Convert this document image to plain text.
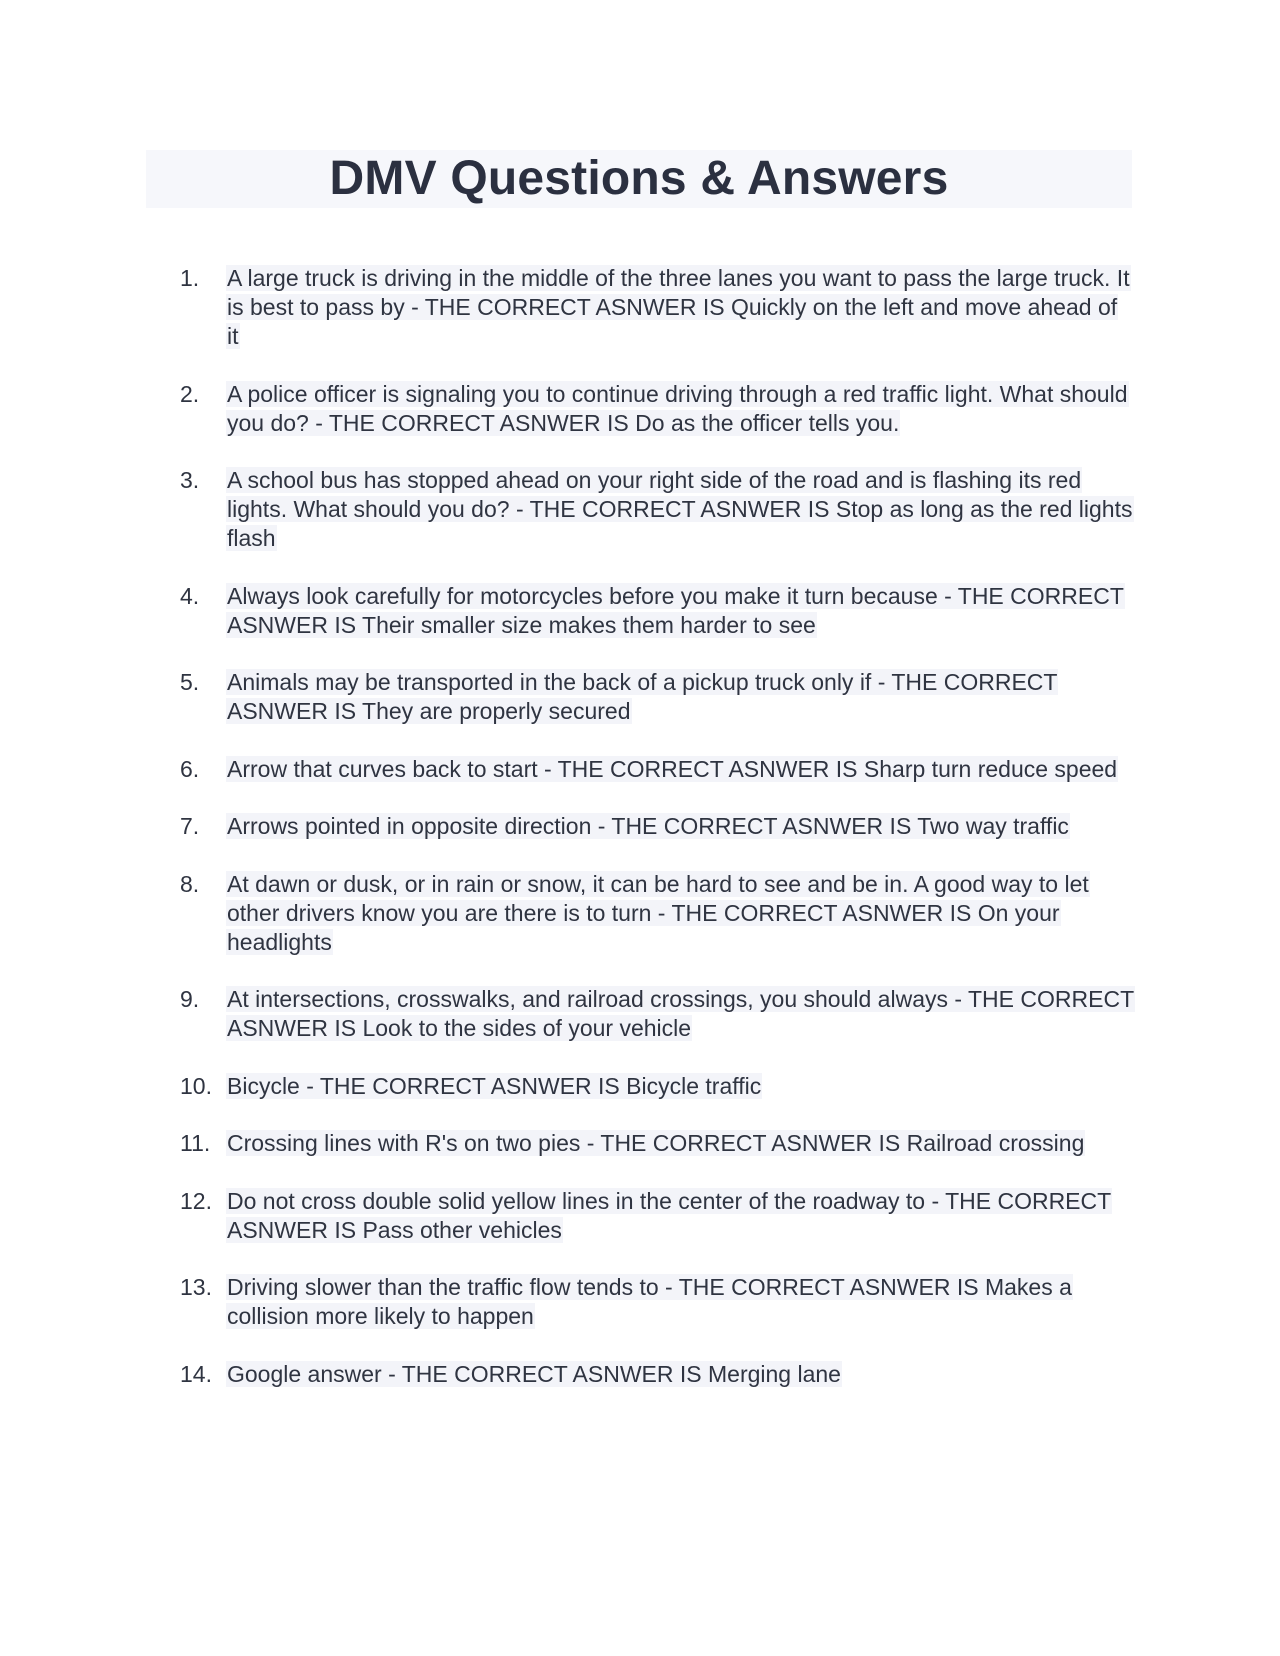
DMV Questions & Answers
1.	A large truck is driving in the middle of the three lanes you want to pass the large truck. It is best to pass by - THE CORRECT ASNWER IS Quickly on the left and move ahead of it
2.	A police officer is signaling you to continue driving through a red traffic light. What should you do? - THE CORRECT ASNWER IS Do as the officer tells you.
3.	A school bus has stopped ahead on your right side of the road and is flashing its red lights. What should you do? - THE CORRECT ASNWER IS Stop as long as the red lights flash
4.	Always look carefully for motorcycles before you make it turn because - THE CORRECT ASNWER IS Their smaller size makes them harder to see
5.	Animals may be transported in the back of a pickup truck only if - THE CORRECT ASNWER IS They are properly secured
6.	Arrow that curves back to start - THE CORRECT ASNWER IS Sharp turn reduce speed
7.	Arrows pointed in opposite direction - THE CORRECT ASNWER IS Two way traffic
8.	At dawn or dusk, or in rain or snow, it can be hard to see and be in. A good way to let other drivers know you are there is to turn - THE CORRECT ASNWER IS On your headlights
9.	At intersections, crosswalks, and railroad crossings, you should always - THE CORRECT ASNWER IS Look to the sides of your vehicle
10. Bicycle - THE CORRECT ASNWER IS Bicycle traffic
11. Crossing lines with R's on two pies - THE CORRECT ASNWER IS Railroad crossing
12. Do not cross double solid yellow lines in the center of the roadway to - THE CORRECT ASNWER IS Pass other vehicles
13. Driving slower than the traffic flow tends to - THE CORRECT ASNWER IS Makes a collision more likely to happen
14. Google answer - THE CORRECT ASNWER IS Merging lane
